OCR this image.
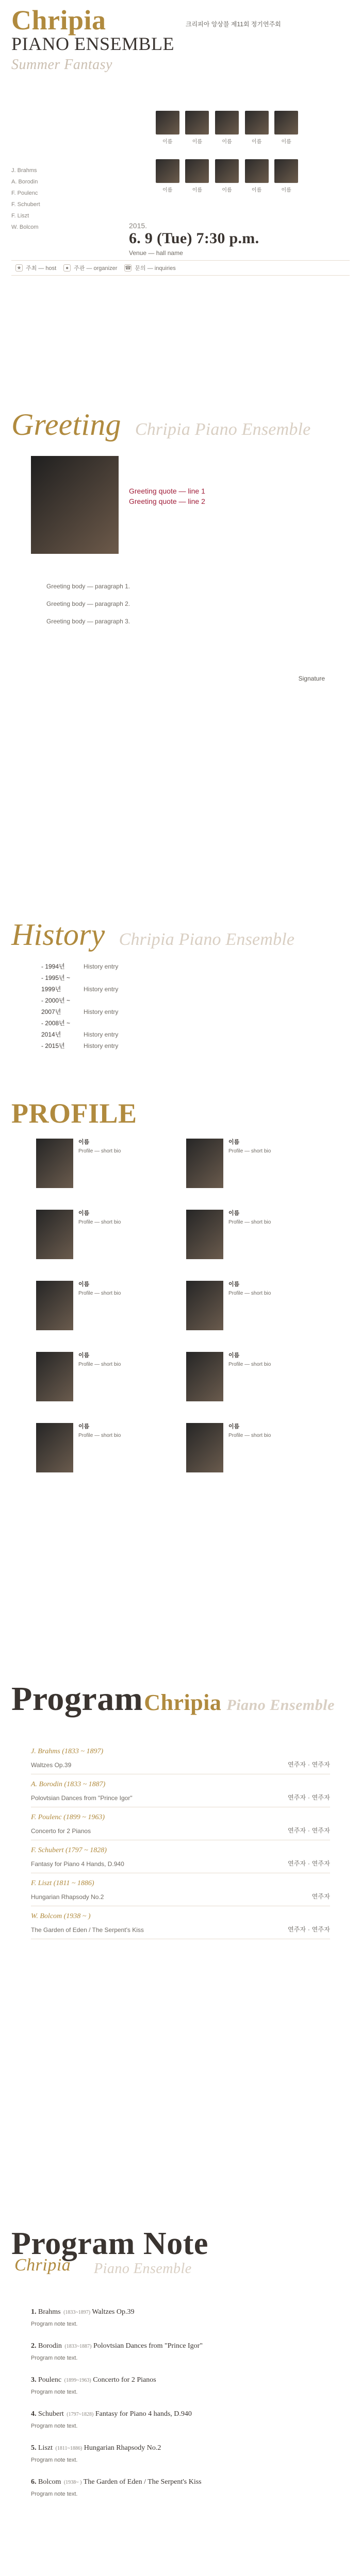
Chripia
PIANO ENSEMBLE
Summer Fantasy
크리피아 앙상블 제11회 정기연주회
J. Brahms
A. Borodin
F. Poulenc
F. Schubert
F. Liszt
W. Bolcom
이름	이름	이름	이름	이름
이름	이름	이름	이름	이름
2015.
6. 9 (Tue) 7:30 p.m.
Venue — hall name
★ 주최 — host	● 주관 — organizer ☎ 문의 — inquiries
Greeting Chripia Piano Ensemble
Greeting quote — line 1
Greeting quote — line 2

Greeting body — paragraph 1.

Greeting body — paragraph 2.

Greeting body — paragraph 3.

Signature
History Chripia Piano Ensemble
- 1994년	History entry
- 1995년 ~ 1999년	History entry
- 2000년 ~ 2007년	History entry
- 2008년 ~ 2014년	History entry
- 2015년	History entry
PROFILE
이름
Profile — short bio
이름
Profile — short bio
이름
Profile — short bio
이름
Profile — short bio
이름
Profile — short bio
이름
Profile — short bio
이름
Profile — short bio
이름
Profile — short bio
이름
Profile — short bio
이름
Profile — short bio
ProgramChripia Piano Ensemble
J. Brahms (1833 ~ 1897)
Waltzes Op.39	연주자 · 연주자
A. Borodin (1833 ~ 1887)
Polovtsian Dances from "Prince Igor"	연주자 · 연주자
F. Poulenc (1899 ~ 1963)
Concerto for 2 Pianos	연주자 · 연주자
F. Schubert (1797 ~ 1828)
Fantasy for Piano 4 Hands, D.940	연주자 · 연주자
F. Liszt (1811 ~ 1886)
Hungarian Rhapsody No.2	연주자
W. Bolcom (1938 ~ )
The Garden of Eden / The Serpent's Kiss	연주자 · 연주자
Program Note
Chripia Piano Ensemble
1. Brahms (1833~1897) Waltzes Op.39
Program note text.
2. Borodin (1833~1887) Polovtsian Dances from "Prince Igor"
Program note text.
3. Poulenc (1899~1963) Concerto for 2 Pianos
Program note text.
4. Schubert (1797~1828) Fantasy for Piano 4 hands, D.940
Program note text.
5. Liszt (1811~1886) Hungarian Rhapsody No.2
Program note text.
6. Bolcom (1938~ ) The Garden of Eden / The Serpent's Kiss
Program note text.
